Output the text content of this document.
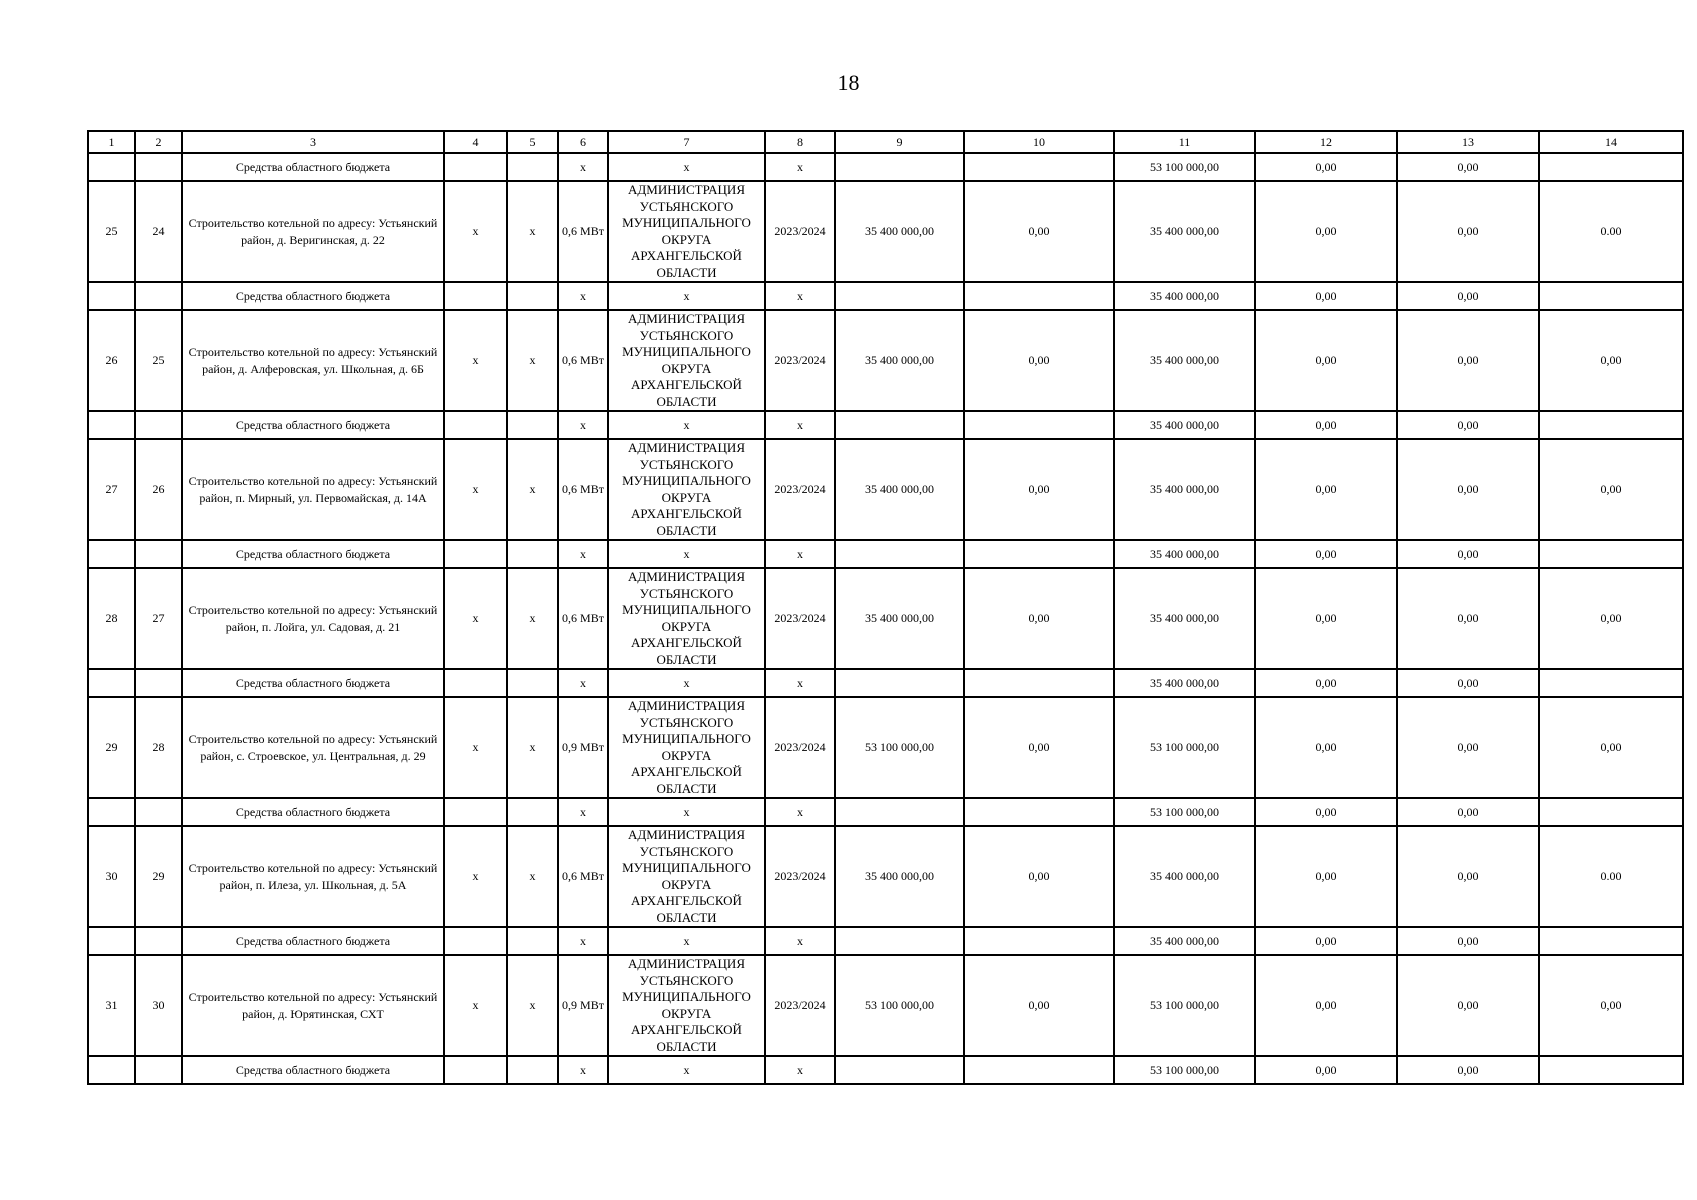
18
1	2	3	4	5	6	7	8	9	10	11	12	13	14
		Средства областного бюджета			х	х	х			53 100 000,00	0,00	0,00	
25	24	Строительство котельной по адресу: Устьянский район, д. Веригинская, д. 22	х	х	0,6 МВт	АДМИНИСТРАЦИЯ УСТЬЯНСКОГО МУНИЦИПАЛЬНОГО ОКРУГА АРХАНГЕЛЬСКОЙ ОБЛАСТИ	2023/2024	35 400 000,00	0,00	35 400 000,00	0,00	0,00	0.00
		Средства областного бюджета			х	х	х			35 400 000,00	0,00	0,00	
26	25	Строительство котельной по адресу: Устьянский район, д. Алферовская, ул. Школьная, д. 6Б	х	х	0,6 МВт	АДМИНИСТРАЦИЯ УСТЬЯНСКОГО МУНИЦИПАЛЬНОГО ОКРУГА АРХАНГЕЛЬСКОЙ ОБЛАСТИ	2023/2024	35 400 000,00	0,00	35 400 000,00	0,00	0,00	0,00
		Средства областного бюджета			х	х	х			35 400 000,00	0,00	0,00	
27	26	Строительство котельной по адресу: Устьянский район, п. Мирный, ул. Первомайская, д. 14А	х	х	0,6 МВт	АДМИНИСТРАЦИЯ УСТЬЯНСКОГО МУНИЦИПАЛЬНОГО ОКРУГА АРХАНГЕЛЬСКОЙ ОБЛАСТИ	2023/2024	35 400 000,00	0,00	35 400 000,00	0,00	0,00	0,00
		Средства областного бюджета			х	х	х			35 400 000,00	0,00	0,00	
28	27	Строительство котельной по адресу: Устьянский район, п. Лойга, ул. Садовая, д. 21	х	х	0,6 МВт	АДМИНИСТРАЦИЯ УСТЬЯНСКОГО МУНИЦИПАЛЬНОГО ОКРУГА АРХАНГЕЛЬСКОЙ ОБЛАСТИ	2023/2024	35 400 000,00	0,00	35 400 000,00	0,00	0,00	0,00
		Средства областного бюджета			х	х	х			35 400 000,00	0,00	0,00	
29	28	Строительство котельной по адресу: Устьянский район, с. Строевское, ул. Центральная, д. 29	х	х	0,9 МВт	АДМИНИСТРАЦИЯ УСТЬЯНСКОГО МУНИЦИПАЛЬНОГО ОКРУГА АРХАНГЕЛЬСКОЙ ОБЛАСТИ	2023/2024	53 100 000,00	0,00	53 100 000,00	0,00	0,00	0,00
		Средства областного бюджета			х	х	х			53 100 000,00	0,00	0,00	
30	29	Строительство котельной по адресу: Устьянский район, п. Илеза, ул. Школьная, д. 5А	х	х	0,6 МВт	АДМИНИСТРАЦИЯ УСТЬЯНСКОГО МУНИЦИПАЛЬНОГО ОКРУГА АРХАНГЕЛЬСКОЙ ОБЛАСТИ	2023/2024	35 400 000,00	0,00	35 400 000,00	0,00	0,00	0.00
		Средства областного бюджета			х	х	х			35 400 000,00	0,00	0,00	
31	30	Строительство котельной по адресу: Устьянский район, д. Юрятинская, СХТ	х	х	0,9 МВт	АДМИНИСТРАЦИЯ УСТЬЯНСКОГО МУНИЦИПАЛЬНОГО ОКРУГА АРХАНГЕЛЬСКОЙ ОБЛАСТИ	2023/2024	53 100 000,00	0,00	53 100 000,00	0,00	0,00	0,00
		Средства областного бюджета			х	х	х			53 100 000,00	0,00	0,00	
